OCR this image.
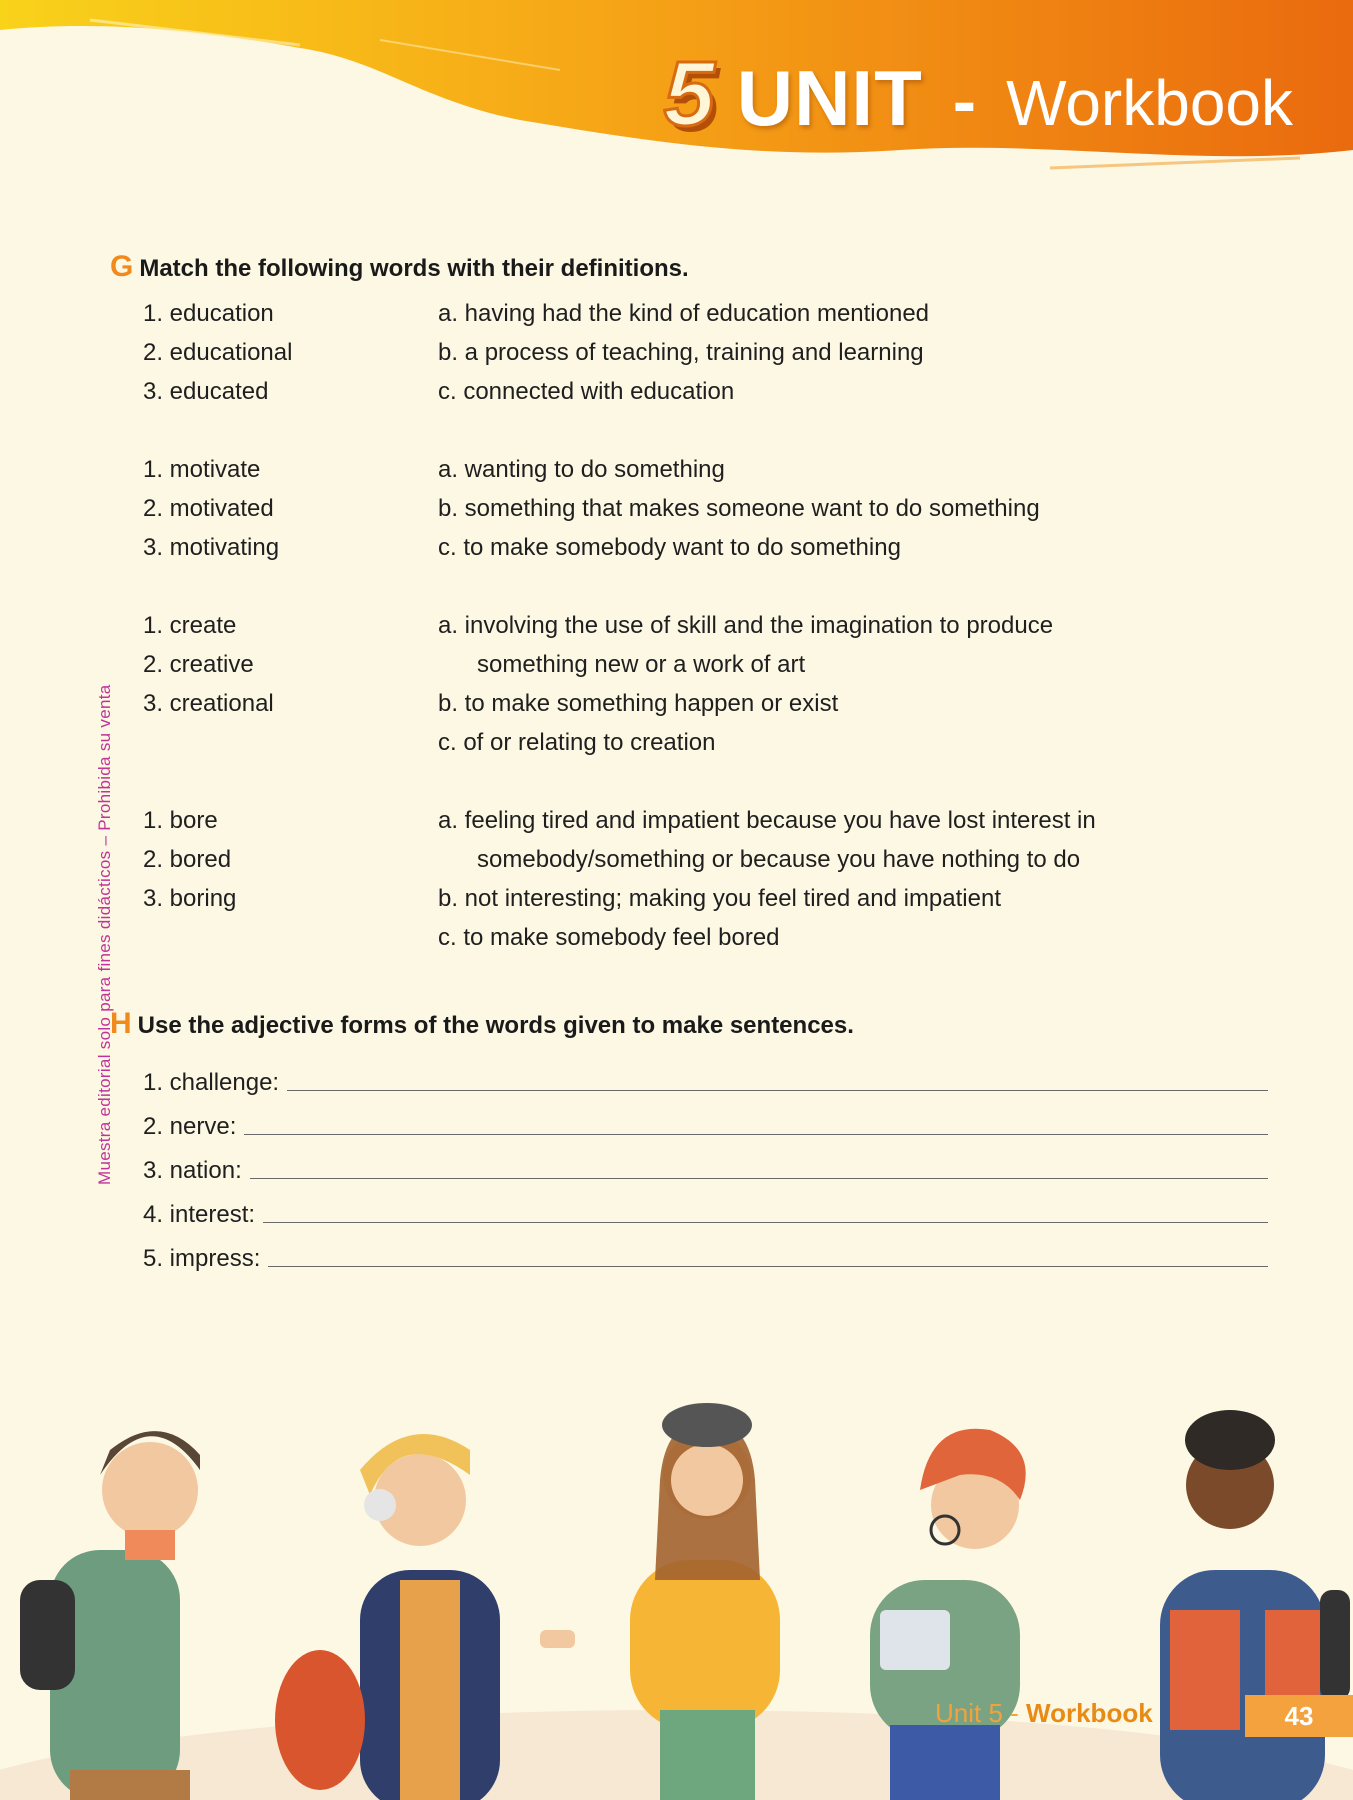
5 UNIT - Workbook
Muestra editorial solo para fines didácticos – Prohibida su venta
G Match the following words with their definitions.
1. education	a. having had the kind of education mentioned
2. educational	b. a process of teaching, training and learning
3. educated	c. connected with education
1. motivate	a. wanting to do something
2. motivated	b. something that makes someone want to do something
3. motivating	c. to make somebody want to do something
1. create	a. involving the use of skill and the imagination to produce
2. creative	something new or a work of art
3. creational	b. to make something happen or exist
c. of or relating to creation
1. bore	a. feeling tired and impatient because you have lost interest in
2. bored	somebody/something or because you have nothing to do
3. boring	b. not interesting; making you feel tired and impatient
c. to make somebody feel bored
H Use the adjective forms of the words given to make sentences.
1. challenge:
2. nerve:
3. nation:
4. interest:
5. impress:
Unit 5 - Workbook	43
